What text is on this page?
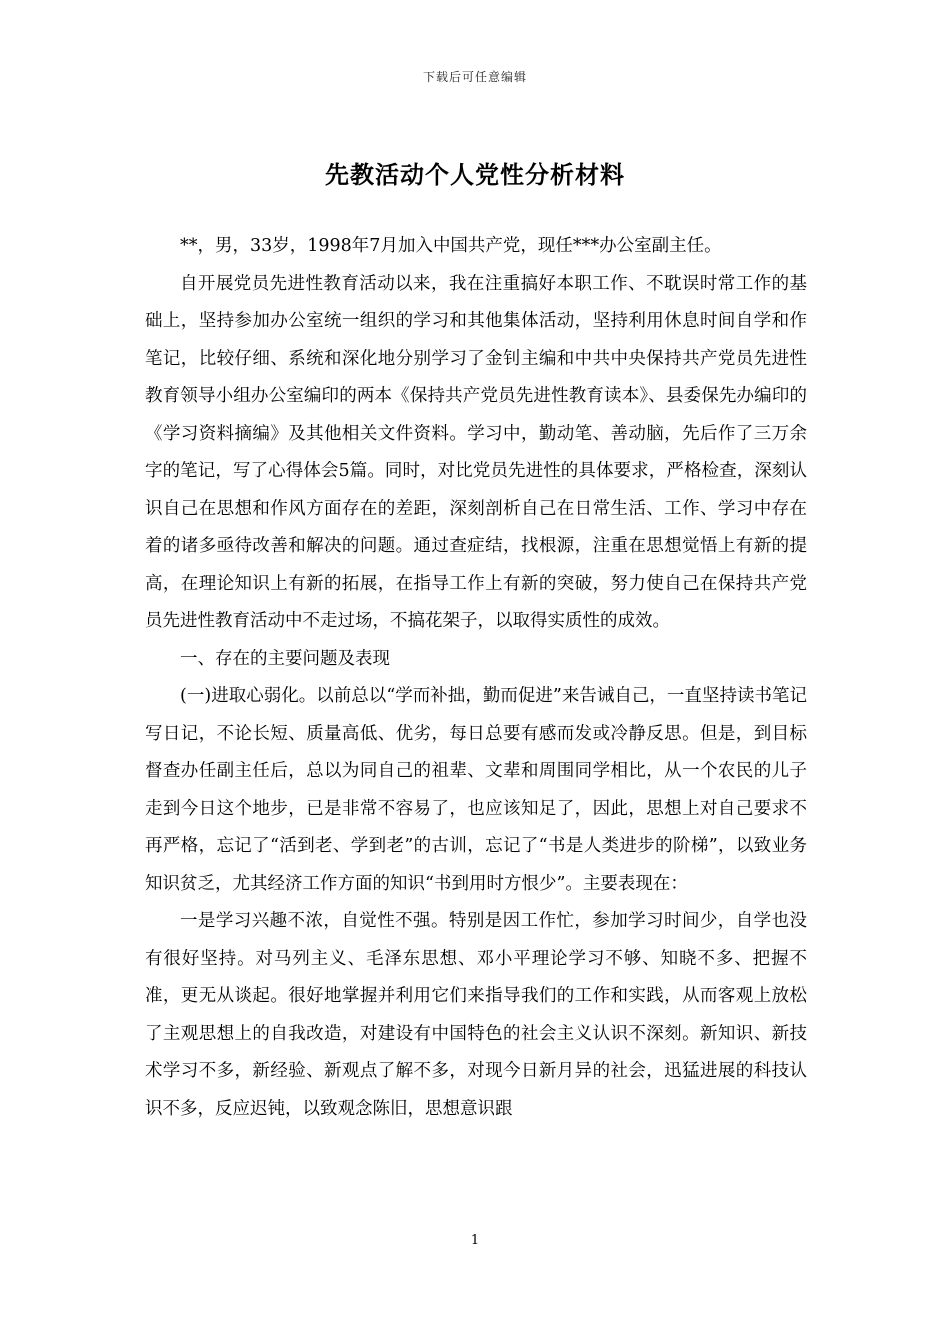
下载后可任意编辑
先教活动个人党性分析材料

**，男，33岁，1998年7月加入中国共产党，现任***办公室副主任。

自开展党员先进性教育活动以来，我在注重搞好本职工作、不耽误时常工作的基础上，坚持参加办公室统一组织的学习和其他集体活动，坚持利用休息时间自学和作笔记，比较仔细、系统和深化地分别学习了金钊主编和中共中央保持共产党员先进性教育领导小组办公室编印的两本《保持共产党员先进性教育读本》、县委保先办编印的《学习资料摘编》及其他相关文件资料。学习中，勤动笔、善动脑，先后作了三万余字的笔记，写了心得体会5篇。同时，对比党员先进性的具体要求，严格检查，深刻认识自己在思想和作风方面存在的差距，深刻剖析自己在日常生活、工作、学习中存在着的诸多亟待改善和解决的问题。通过查症结，找根源，注重在思想觉悟上有新的提高，在理论知识上有新的拓展，在指导工作上有新的突破，努力使自己在保持共产党员先进性教育活动中不走过场，不搞花架子，以取得实质性的成效。

一、存在的主要问题及表现

(一)进取心弱化。以前总以“学而补拙，勤而促进”来告诫自己，一直坚持读书笔记写日记，不论长短、质量高低、优劣，每日总要有感而发或冷静反思。但是，到目标督查办任副主任后，总以为同自己的祖辈、文辈和周围同学相比，从一个农民的儿子走到今日这个地步，已是非常不容易了，也应该知足了，因此，思想上对自己要求不再严格，忘记了“活到老、学到老”的古训，忘记了“书是人类进步的阶梯”，以致业务知识贫乏，尤其经济工作方面的知识“书到用时方恨少”。主要表现在：

一是学习兴趣不浓，自觉性不强。特别是因工作忙，参加学习时间少，自学也没有很好坚持。对马列主义、毛泽东思想、邓小平理论学习不够、知晓不多、把握不准，更无从谈起。很好地掌握并利用它们来指导我们的工作和实践，从而客观上放松了主观思想上的自我改造，对建设有中国特色的社会主义认识不深刻。新知识、新技术学习不多，新经验、新观点了解不多，对现今日新月异的社会，迅猛进展的科技认识不多，反应迟钝，以致观念陈旧，思想意识跟

1
